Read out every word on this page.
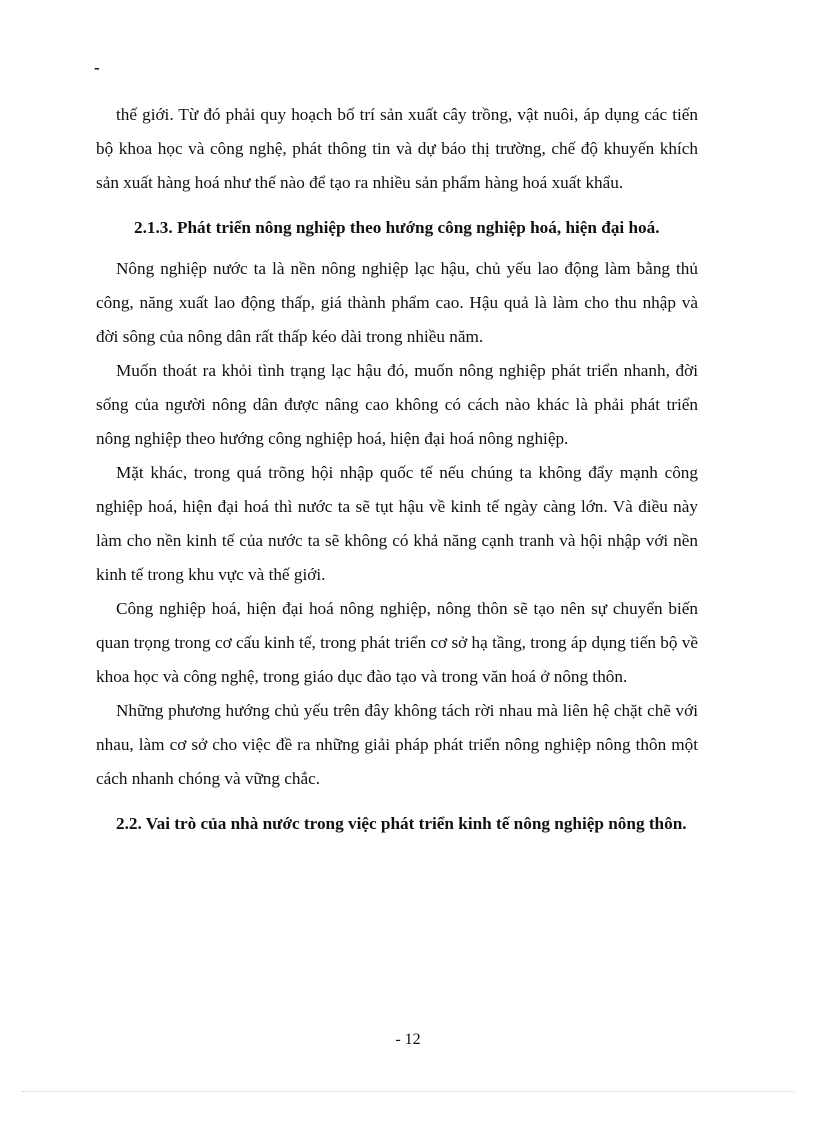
-

thế giới. Từ đó phải quy hoạch bố trí sản xuất cây trồng, vật nuôi, áp dụng các tiến bộ khoa học và công nghệ, phát thông tin và dự báo thị trường, chế độ khuyến khích sản xuất hàng hoá như thế nào để tạo ra nhiều sản phẩm hàng hoá xuất khẩu.

2.1.3. Phát triển nông nghiệp theo hướng công nghiệp hoá, hiện đại hoá.

Nông nghiệp nước ta là nền nông nghiệp lạc hậu, chủ yếu lao động làm bằng thủ công, năng xuất lao động thấp, giá thành phẩm cao. Hậu quả là làm cho thu nhập và đời sông của nông dân rất thấp kéo dài trong nhiều năm.

Muốn thoát ra khỏi tình trạng lạc hậu đó, muốn nông nghiệp phát triển nhanh, đời sống của người nông dân được nâng cao không có cách nào khác là phải phát triển nông nghiệp theo hướng công nghiệp hoá, hiện đại hoá nông nghiệp.

Mặt khác, trong quá trõng hội nhập quốc tế nếu chúng ta không đẩy mạnh công nghiệp hoá, hiện đại hoá thì nước ta sẽ tụt hậu về kinh tế ngày càng lớn. Và điều này làm cho nền kinh tế của nước ta sẽ không có khả năng cạnh tranh và hội nhập với nền kinh tế trong khu vực và thế giới.

Công nghiệp hoá, hiện đại hoá nông nghiệp, nông thôn sẽ tạo nên sự chuyển biến quan trọng trong cơ cấu kinh tế, trong phát triển cơ sở hạ tầng, trong áp dụng tiến bộ về khoa học và công nghệ, trong giáo dục đào tạo và trong văn hoá ở nông thôn.

Những phương hướng chủ yếu trên đây không tách rời nhau mà liên hệ chặt chẽ với nhau, làm cơ sở cho việc đề ra những giải pháp phát triển nông nghiệp nông thôn một cách nhanh chóng và vững chắc.

2.2. Vai trò của nhà nước trong việc phát triển kinh tế nông nghiệp nông thôn.
- 12
